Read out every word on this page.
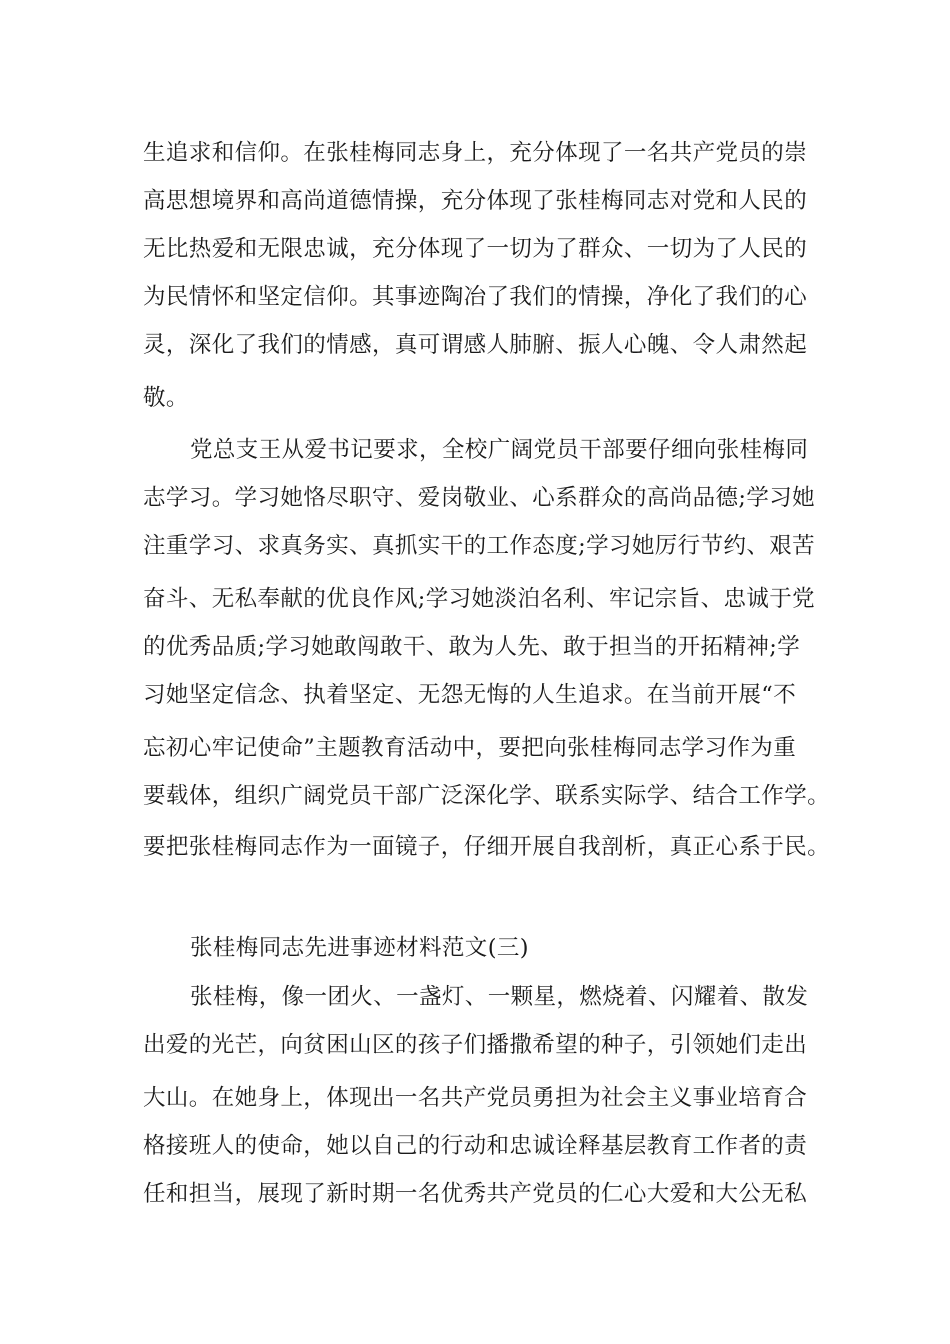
生追求和信仰。在张桂梅同志身上，充分体现了一名共产党员的崇
高思想境界和高尚道德情操，充分体现了张桂梅同志对党和人民的
无比热爱和无限忠诚，充分体现了一切为了群众、一切为了人民的
为民情怀和坚定信仰。其事迹陶冶了我们的情操，净化了我们的心
灵，深化了我们的情感，真可谓感人肺腑、振人心魄、令人肃然起
敬。
党总支王从爱书记要求，全校广阔党员干部要仔细向张桂梅同
志学习。学习她恪尽职守、爱岗敬业、心系群众的高尚品德;学习她
注重学习、求真务实、真抓实干的工作态度;学习她厉行节约、艰苦
奋斗、无私奉献的优良作风;学习她淡泊名利、牢记宗旨、忠诚于党
的优秀品质;学习她敢闯敢干、敢为人先、敢于担当的开拓精神;学
习她坚定信念、执着坚定、无怨无悔的人生追求。在当前开展“不
忘初心牢记使命”主题教育活动中，要把向张桂梅同志学习作为重
要载体，组织广阔党员干部广泛深化学、联系实际学、结合工作学。
要把张桂梅同志作为一面镜子，仔细开展自我剖析，真正心系于民。
张桂梅同志先进事迹材料范文(三)
张桂梅，像一团火、一盏灯、一颗星，燃烧着、闪耀着、散发
出爱的光芒，向贫困山区的孩子们播撒希望的种子，引领她们走出
大山。在她身上，体现出一名共产党员勇担为社会主义事业培育合
格接班人的使命，她以自己的行动和忠诚诠释基层教育工作者的责
任和担当，展现了新时期一名优秀共产党员的仁心大爱和大公无私
